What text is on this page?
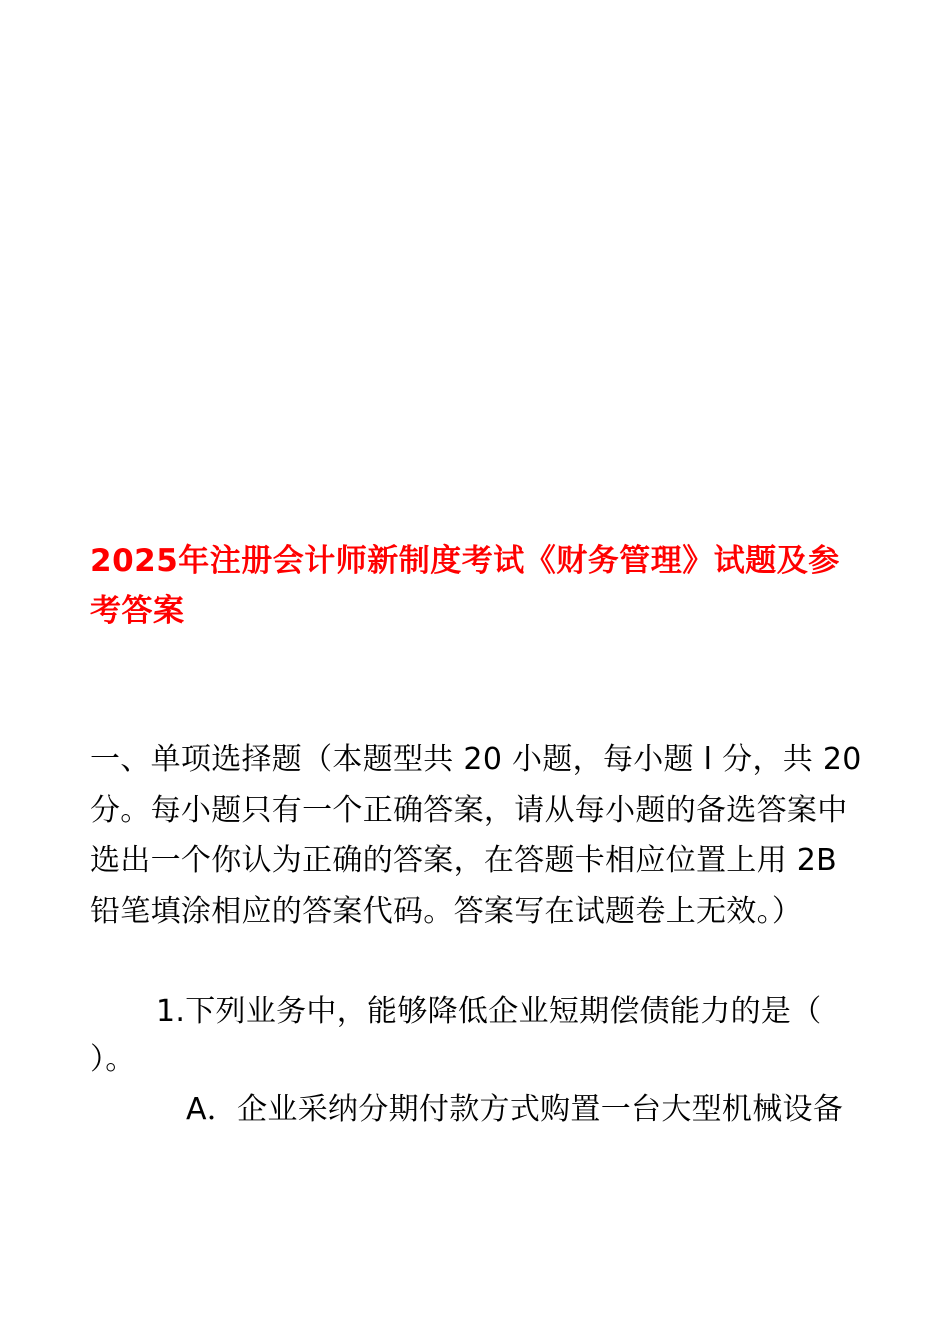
2025年注册会计师新制度考试《财务管理》试题及参考答案

一、单项选择题（本题型共 20 小题，每小题 l 分，共 20 分。每小题只有一个正确答案，请从每小题的备选答案中选出一个你认为正确的答案，在答题卡相应位置上用 2B 铅笔填涂相应的答案代码。答案写在试题卷上无效。）

1.下列业务中，能够降低企业短期偿债能力的是（ ）。

A．企业采纳分期付款方式购置一台大型机械设备
